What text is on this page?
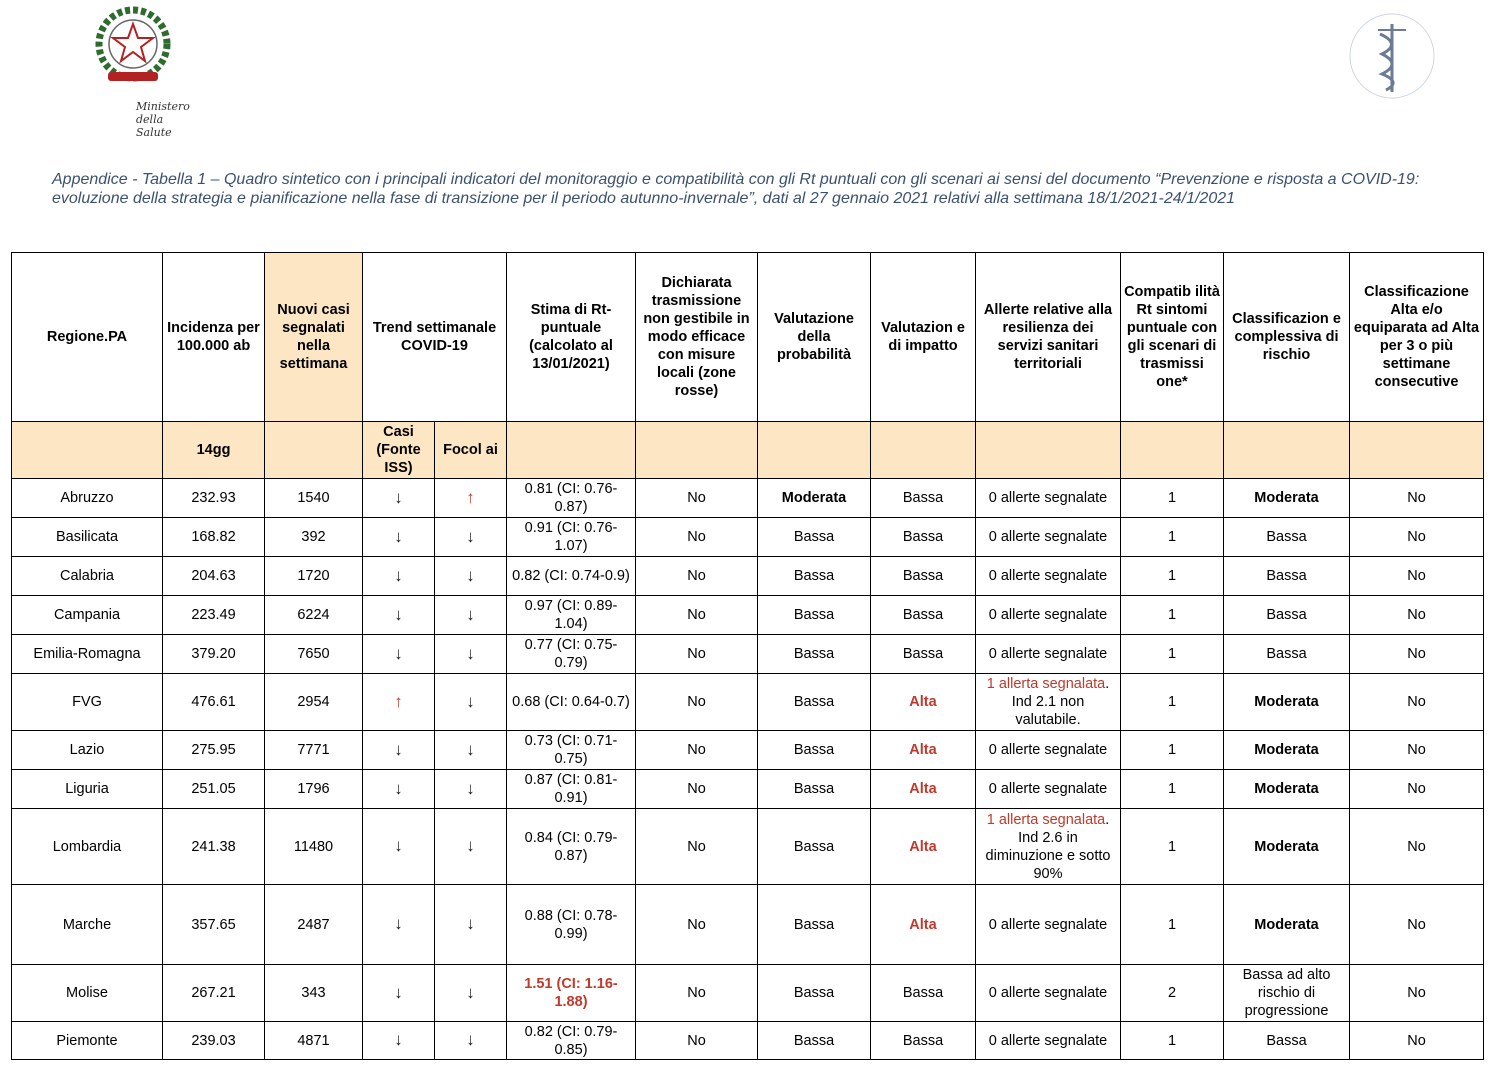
Ministero della Salute
Appendice - Tabella 1 – Quadro sintetico con i principali indicatori del monitoraggio e compatibilità con gli Rt puntuali con gli scenari ai sensi del documento “Prevenzione e risposta a COVID-19: evoluzione della strategia e pianificazione nella fase di transizione per il periodo autunno-invernale”, dati al 27 gennaio 2021 relativi alla settimana 18/1/2021-24/1/2021
Regione.PA	Incidenza per 100.000 ab	Nuovi casi segnalati nella settimana	Trend settimanale COVID-19		Stima di Rt-puntuale (calcolato al 13/01/2021)	Dichiarata trasmissione non gestibile in modo efficace con misure locali (zone rosse)	Valutazione della probabilità	Valutazion e di impatto	Allerte relative alla resilienza dei servizi sanitari territoriali	Compatib ilità Rt sintomi puntuale con gli scenari di trasmissi one*	Classificazion e complessiva di rischio	Classificazione Alta e/o equiparata ad Alta per 3 o più settimane consecutive
	14gg		Casi (Fonte ISS)	Focol ai								
Abruzzo	232.93	1540	↓	↑	0.81 (CI: 0.76-0.87)	No	Moderata	Bassa	0 allerte segnalate	1	Moderata	No
Basilicata	168.82	392	↓	↓	0.91 (CI: 0.76-1.07)	No	Bassa	Bassa	0 allerte segnalate	1	Bassa	No
Calabria	204.63	1720	↓	↓	0.82 (CI: 0.74-0.9)	No	Bassa	Bassa	0 allerte segnalate	1	Bassa	No
Campania	223.49	6224	↓	↓	0.97 (CI: 0.89-1.04)	No	Bassa	Bassa	0 allerte segnalate	1	Bassa	No
Emilia-Romagna	379.20	7650	↓	↓	0.77 (CI: 0.75-0.79)	No	Bassa	Bassa	0 allerte segnalate	1	Bassa	No
FVG	476.61	2954	↑	↓	0.68 (CI: 0.64-0.7)	No	Bassa	Alta	1 allerta segnalata. Ind 2.1 non valutabile.	1	Moderata	No
Lazio	275.95	7771	↓	↓	0.73 (CI: 0.71-0.75)	No	Bassa	Alta	0 allerte segnalate	1	Moderata	No
Liguria	251.05	1796	↓	↓	0.87 (CI: 0.81-0.91)	No	Bassa	Alta	0 allerte segnalate	1	Moderata	No
Lombardia	241.38	11480	↓	↓	0.84 (CI: 0.79-0.87)	No	Bassa	Alta	1 allerta segnalata. Ind 2.6 in diminuzione e sotto 90%	1	Moderata	No
Marche	357.65	2487	↓	↓	0.88 (CI: 0.78-0.99)	No	Bassa	Alta	0 allerte segnalate	1	Moderata	No
Molise	267.21	343	↓	↓	1.51 (CI: 1.16-1.88)	No	Bassa	Bassa	0 allerte segnalate	2	Bassa ad alto rischio di progressione	No
Piemonte	239.03	4871	↓	↓	0.82 (CI: 0.79-0.85)	No	Bassa	Bassa	0 allerte segnalate	1	Bassa	No
